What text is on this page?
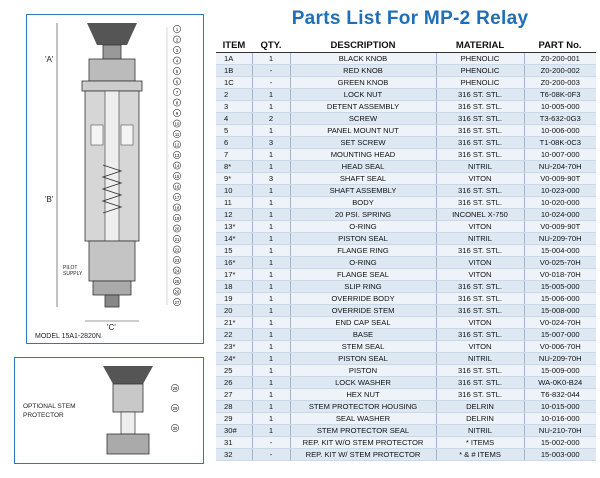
Parts List For MP-2 Relay
1
2
3
4
5
6
7
8
9
10
11
12
13
14
15
16
17
18
19
20
21
22
23
24
25
26
27
'A'
'B'
'C'
PILOT SUPPLY
MODEL 15A1-2820N
28
29
30
OPTIONAL STEM PROTECTOR
ITEM	QTY.	DESCRIPTION	MATERIAL	PART No.
1A	1	BLACK KNOB	PHENOLIC	Z0-200-001
1B	-	RED KNOB	PHENOLIC	Z0-200-002
1C	-	GREEN KNOB	PHENOLIC	Z0-200-003
2	1	LOCK NUT	316 ST. STL.	T6-08K-0F3
3	1	DETENT ASSEMBLY	316 ST. STL.	10-005-000
4	2	SCREW	316 ST. STL.	T3-632-0G3
5	1	PANEL MOUNT NUT	316 ST. STL.	10-006-000
6	3	SET SCREW	316 ST. STL.	T1-08K-0C3
7	1	MOUNTING HEAD	316 ST. STL.	10-007-000
8*	1	HEAD SEAL	NITRIL	NU-204-70H
9*	3	SHAFT SEAL	VITON	V0-009-90T
10	1	SHAFT ASSEMBLY	316 ST. STL.	10-023-000
11	1	BODY	316 ST. STL.	10-020-000
12	1	20 PSI. SPRING	INCONEL X-750	10-024-000
13*	1	O-RING	VITON	V0-009-90T
14*	1	PISTON SEAL	NITRIL	NU-209-70H
15	1	FLANGE RING	316 ST. STL.	15-004-000
16*	1	O-RING	VITON	V0-025-70H
17*	1	FLANGE SEAL	VITON	V0-018-70H
18	1	SLIP RING	316 ST. STL.	15-005-000
19	1	OVERRIDE BODY	316 ST. STL.	15-006-000
20	1	OVERRIDE STEM	316 ST. STL.	15-008-000
21*	1	END CAP SEAL	VITON	V0-024-70H
22	1	BASE	316 ST. STL.	15-007-000
23*	1	STEM SEAL	VITON	V0-006-70H
24*	1	PISTON SEAL	NITRIL	NU-209-70H
25	1	PISTON	316 ST. STL.	15-009-000
26	1	LOCK WASHER	316 ST. STL.	WA-0K0-B24
27	1	HEX NUT	316 ST. STL.	T6-832-044
28	1	STEM PROTECTOR HOUSING	DELRIN	10-015-000
29	1	SEAL WASHER	DELRIN	10-016-000
30#	1	STEM PROTECTOR SEAL	NITRIL	NU-210-70H
31	-	REP. KIT W/O STEM PROTECTOR	* ITEMS	15-002-000
32	-	REP. KIT W/ STEM PROTECTOR	* & # ITEMS	15-003-000
